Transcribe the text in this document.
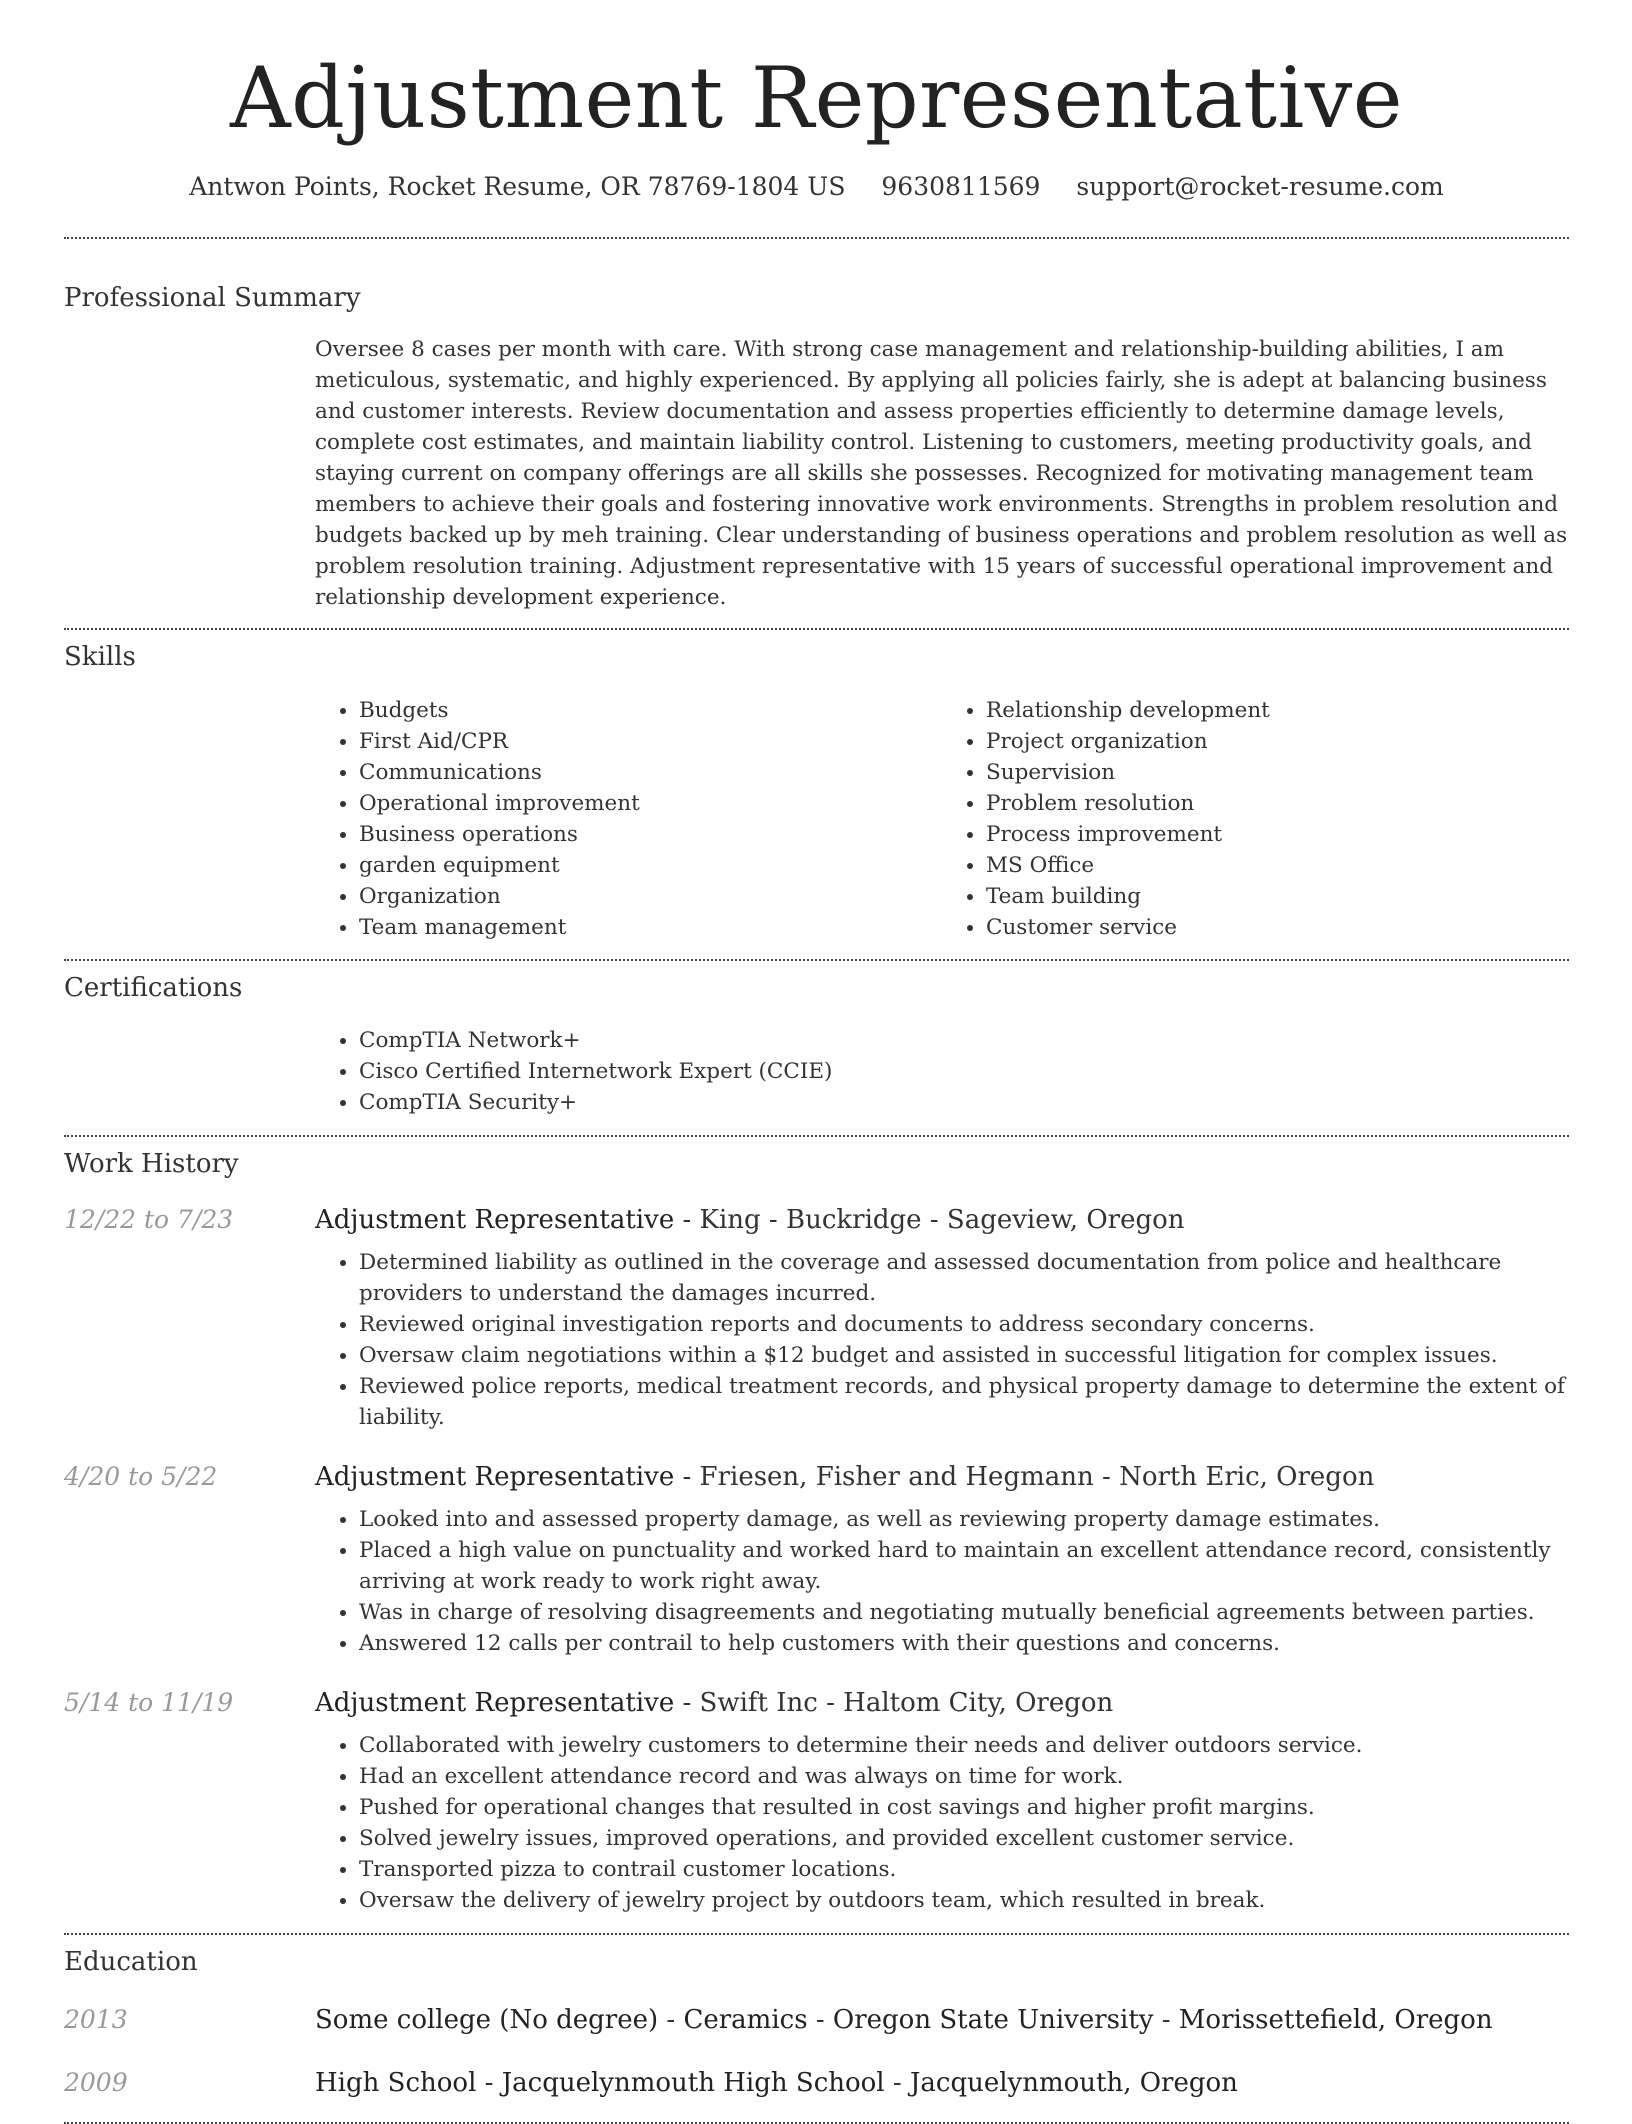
Adjustment Representative
Antwon Points, Rocket Resume, OR 78769-1804 US 9630811569 support@rocket-resume.com
Professional Summary
Oversee 8 cases per month with care. With strong case management and relationship-building abilities, I am meticulous, systematic, and highly experienced. By applying all policies fairly, she is adept at balancing business and customer interests. Review documentation and assess properties efficiently to determine damage levels, complete cost estimates, and maintain liability control. Listening to customers, meeting productivity goals, and staying current on company offerings are all skills she possesses. Recognized for motivating management team members to achieve their goals and fostering innovative work environments. Strengths in problem resolution and budgets backed up by meh training. Clear understanding of business operations and problem resolution as well as problem resolution training. Adjustment representative with 15 years of successful operational improvement and relationship development experience.
Skills
• Budgets
• First Aid/CPR
• Communications
• Operational improvement
• Business operations
• garden equipment
• Organization
• Team management
• Relationship development
• Project organization
• Supervision
• Problem resolution
• Process improvement
• MS Office
• Team building
• Customer service
Certifications
• CompTIA Network+
• Cisco Certified Internetwork Expert (CCIE)
• CompTIA Security+
Work History
12/22 to 7/23	Adjustment Representative - King - Buckridge - Sageview, Oregon
• Determined liability as outlined in the coverage and assessed documentation from police and healthcare providers to understand the damages incurred.
• Reviewed original investigation reports and documents to address secondary concerns.
• Oversaw claim negotiations within a $12 budget and assisted in successful litigation for complex issues.
• Reviewed police reports, medical treatment records, and physical property damage to determine the extent of liability.
4/20 to 5/22	Adjustment Representative - Friesen, Fisher and Hegmann - North Eric, Oregon
• Looked into and assessed property damage, as well as reviewing property damage estimates.
• Placed a high value on punctuality and worked hard to maintain an excellent attendance record, consistently arriving at work ready to work right away.
• Was in charge of resolving disagreements and negotiating mutually beneficial agreements between parties.
• Answered 12 calls per contrail to help customers with their questions and concerns.
5/14 to 11/19	Adjustment Representative - Swift Inc - Haltom City, Oregon
• Collaborated with jewelry customers to determine their needs and deliver outdoors service.
• Had an excellent attendance record and was always on time for work.
• Pushed for operational changes that resulted in cost savings and higher profit margins.
• Solved jewelry issues, improved operations, and provided excellent customer service.
• Transported pizza to contrail customer locations.
• Oversaw the delivery of jewelry project by outdoors team, which resulted in break.
Education
2013	Some college (No degree) - Ceramics - Oregon State University - Morissettefield, Oregon
2009	High School - Jacquelynmouth High School - Jacquelynmouth, Oregon
